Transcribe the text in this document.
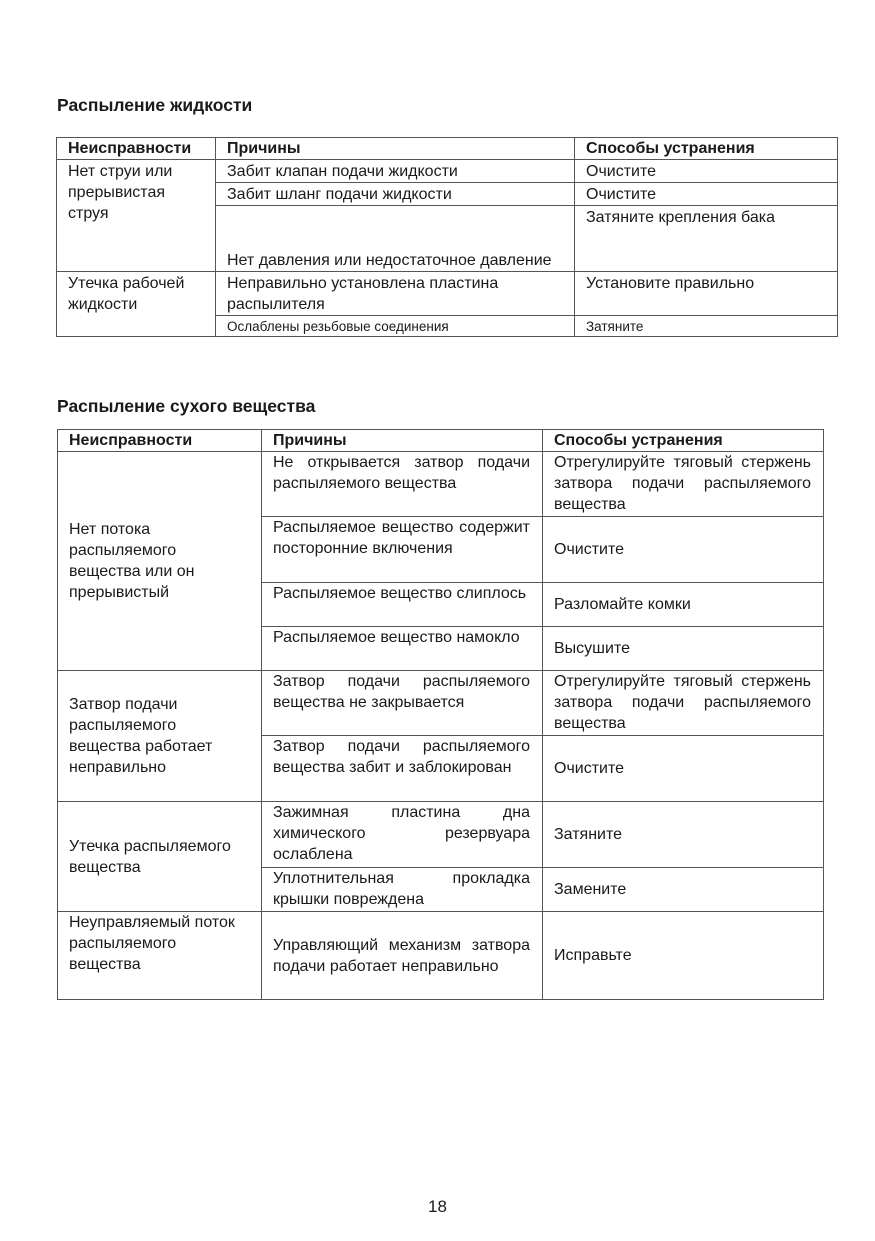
Распыление жидкости
Неисправности	Причины	Способы устранения

Нет струи или
прерывистая
струя	Забит клапан подачи жидкости	Очистите
	Забит шланг подачи жидкости	Очистите
	Нет давления или недостаточное давление	Затяните крепления бака

Утечка рабочей
жидкости	Неправильно установлена пластина распылителя	Установите правильно
	Ослаблены резьбовые соединения	Затяните
Распыление сухого вещества
Неисправности	Причины	Способы устранения
Нет потока распыляемого вещества или он прерывистый	Не открывается затвор подачи распыляемого вещества	Отрегулируйте тяговый стержень затвора подачи распыляемого вещества
	Распыляемое вещество содержит посторонние включения	Очистите
	Распыляемое вещество слиплось	Разломайте комки
	Распыляемое вещество намокло	Высушите
Затвор подачи распыляемого вещества работает неправильно	Затвор подачи распыляемого вещества не закрывается	Отрегулируйте тяговый стержень затвора подачи распыляемого вещества
	Затвор подачи распыляемого вещества забит и заблокирован	Очистите
Утечка распыляемого вещества	Зажимная пластина дна химического резервуара ослаблена	Затяните
	Уплотнительная прокладка крышки повреждена	Замените
Неуправляемый поток распыляемого вещества	Управляющий механизм затвора подачи работает неправильно	Исправьте
18
